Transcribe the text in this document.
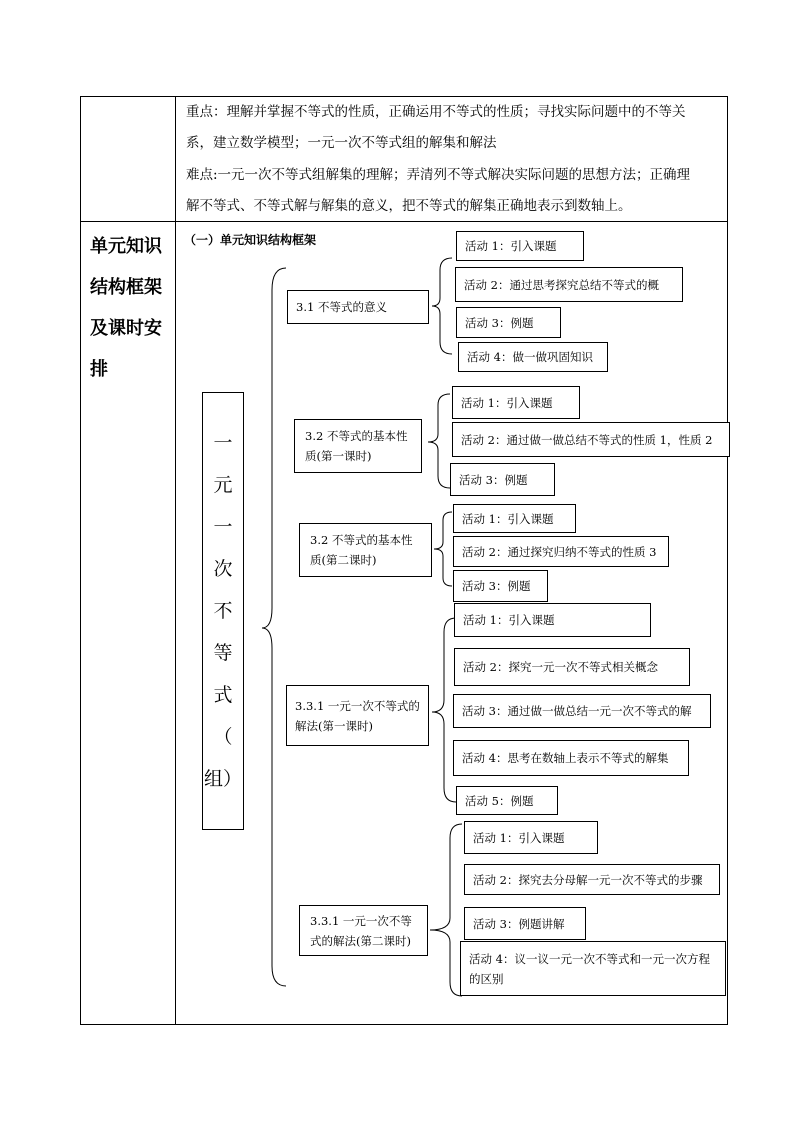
重点：理解并掌握不等式的性质，正确运用不等式的性质；寻找实际问题中的不等关
系，建立数学模型；一元一次不等式组的解集和解法
难点:一元一次不等式组解集的理解；弄清列不等式解决实际问题的思想方法；正确理
解不等式、不等式解与解集的意义，把不等式的解集正确地表示到数轴上。
单元知识
结构框架
及课时安
排
（一）单元知识结构框架
一
元
一
次
不
等
式
（
组）
3.1 不等式的意义
3.2 不等式的基本性质(第一课时)
3.2 不等式的基本性质(第二课时)
3.3.1 一元一次不等式的解法(第一课时)
3.3.1 一元一次不等式的解法(第二课时)
活动 1：引入课题
活动 2：通过思考探究总结不等式的概
活动 3：例题
活动 4：做一做巩固知识
活动 1：引入课题
活动 2：通过做一做总结不等式的性质 1，性质 2
活动 3：例题
活动 1：引入课题
活动 2：通过探究归纳不等式的性质 3
活动 3：例题
活动 1：引入课题
活动 2：探究一元一次不等式相关概念
活动 3：通过做一做总结一元一次不等式的解
活动 4：思考在数轴上表示不等式的解集
活动 5：例题
活动 1：引入课题
活动 2：探究去分母解一元一次不等式的步骤
活动 3：例题讲解
活动 4：议一议一元一次不等式和一元一次方程的区别
